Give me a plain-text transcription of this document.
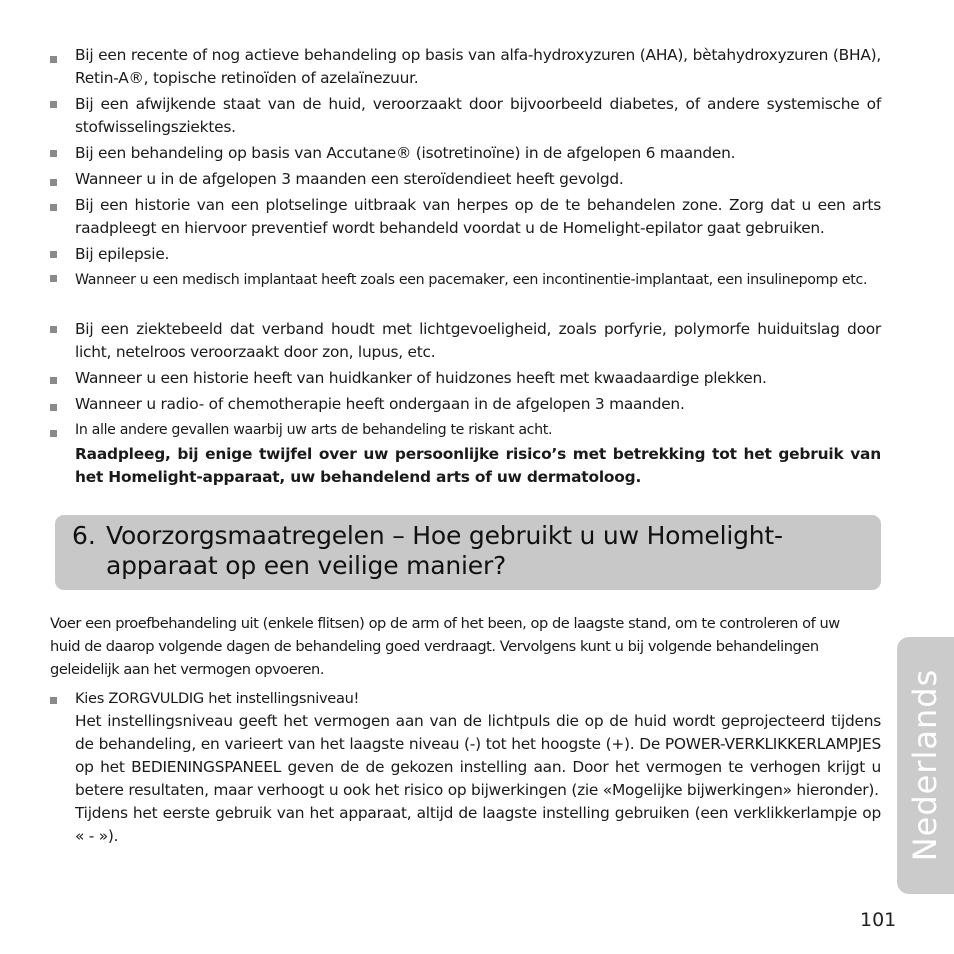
Bij een recente of nog actieve behandeling op basis van alfa-hydroxyzuren (AHA), bètahydroxyzuren (BHA), Retin-A®, topische retinoïden of azelaïnezuur.
Bij een afwijkende staat van de huid, veroorzaakt door bijvoorbeeld diabetes, of andere systemische of stofwisselingsziektes.
Bij een behandeling op basis van Accutane® (isotretinoïne) in de afgelopen 6 maanden.
Wanneer u in de afgelopen 3 maanden een steroïdendieet heeft gevolgd.
Bij een historie van een plotselinge uitbraak van herpes op de te behandelen zone. Zorg dat u een arts raadpleegt en hiervoor preventief wordt behandeld voordat u de Homelight-epilator gaat gebruiken.
Bij epilepsie.
Wanneer u een medisch implantaat heeft zoals een pacemaker, een incontinentie-implantaat, een insulinepomp etc.
Bij een ziektebeeld dat verband houdt met lichtgevoeligheid, zoals porfyrie, polymorfe huiduitslag door licht, netelroos veroorzaakt door zon, lupus, etc.
Wanneer u een historie heeft van huidkanker of huidzones heeft met kwaadaardige plekken.
Wanneer u radio- of chemotherapie heeft ondergaan in de afgelopen 3 maanden.
In alle andere gevallen waarbij uw arts de behandeling te riskant acht.
Raadpleeg, bij enige twijfel over uw persoonlijke risico’s met betrekking tot het gebruik van het Homelight-apparaat, uw behandelend arts of uw dermatoloog.
6. Voorzorgsmaatregelen – Hoe gebruikt u uw Homelight-apparaat op een veilige manier?
Voer een proefbehandeling uit (enkele flitsen) op de arm of het been, op de laagste stand, om te controleren of uw huid de daarop volgende dagen de behandeling goed verdraagt. Vervolgens kunt u bij volgende behandelingen geleidelijk aan het vermogen opvoeren.

Kies ZORGVULDIG het instellingsniveau!

Het instellingsniveau geeft het vermogen aan van de lichtpuls die op de huid wordt geprojecteerd tijdens de behandeling, en varieert van het laagste niveau (-) tot het hoogste (+). De POWER-VERKLIKKERLAMPJES op het BEDIENINGSPANEEL geven de de gekozen instelling aan. Door het vermogen te verhogen krijgt u betere resultaten, maar verhoogt u ook het risico op bijwerkingen (zie «Mogelijke bijwerkingen» hieronder).

Tijdens het eerste gebruik van het apparaat, altijd de laagste instelling gebruiken (een verklikkerlampje op « - »).	Nederlands
101
